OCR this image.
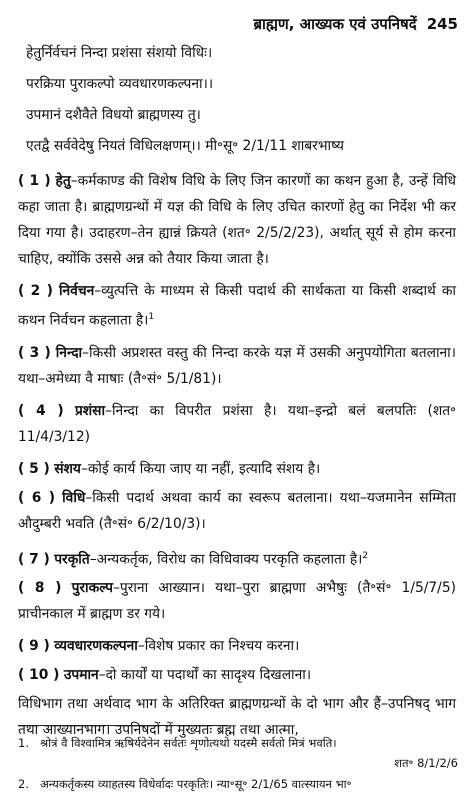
ब्राह्मण, आख्यक एवं उपनिषदें 245
हेतुर्निर्वचनं निन्दा प्रशंसा संशयो विधिः।
परक्रिया पुराकल्पो व्यवधारणकल्पना।।
उपमानं दशैवैते विधयो ब्राह्मणस्य तु।
एतद्वै सर्ववेदेषु नियतं विधिलक्षणम्।। मी॰सू॰ 2/1/11 शाबरभाष्य

( 1 ) हेतु–कर्मकाण्ड की विशेष विधि के लिए जिन कारणों का कथन हुआ है, उन्हें विधि कहा जाता है। ब्राह्मणग्रन्थों में यज्ञ की विधि के लिए उचित कारणों हेतु का निर्देश भी कर दिया गया है। उदाहरण–तेन ह्यान्नं क्रियते (शत॰ 2/5/2/23), अर्थात् सूर्य से होम करना चाहिए, क्योंकि उससे अन्न को तैयार किया जाता है।

( 2 ) निर्वचन–व्युत्पत्ति के माध्यम से किसी पदार्थ की सार्थकता या किसी शब्दार्थ का कथन निर्वचन कहलाता है।$^1$

( 3 ) निन्दा–किसी अप्रशस्त वस्तु की निन्दा करके यज्ञ में उसकी अनुपयोगिता बतलाना। यथा–अमेध्या वै माषाः (तै॰सं॰ 5/1/81)।

( 4 ) प्रशंसा–निन्दा का विपरीत प्रशंसा है। यथा–इन्द्रो बलं बलपतिः (शत॰ 11/4/3/12)

( 5 ) संशय–कोई कार्य किया जाए या नहीं, इत्यादि संशय है।

( 6 ) विधि–किसी पदार्थ अथवा कार्य का स्वरूप बतलाना। यथा–यजमानेन सम्मिता औदुम्बरी भवति (तै॰सं॰ 6/2/10/3)।

( 7 ) परकृति–अन्यकर्तृक, विरोध का विधिवाक्य परकृति कहलाता है।$^2$

( 8 ) पुराकल्प–पुराना आख्यान। यथा–पुरा ब्राह्मणा अभैषुः (तै॰सं॰ 1/5/7/5) प्राचीनकाल में ब्राह्मण डर गये।

( 9 ) व्यवधारणकल्पना–विशेष प्रकार का निश्चय करना।

( 10 ) उपमान–दो कार्यों या पदार्थों का सादृश्य दिखलाना।

विधिभाग तथा अर्थवाद भाग के अतिरिक्त ब्राह्मणग्रन्थों के दो भाग और हैं–उपनिषद् भाग तथा आख्यानभाग। उपनिषदों में मुख्यतः ब्रह्म तथा आत्मा,

1. श्रोत्रं वै विश्वामित्र ऋषिर्यदेनेन सर्वतः शृणोत्यथो यदस्मै सर्वतो मित्रं भवति।
शत॰ 8/1/2/6
2. अन्यकर्तृकस्य व्याहतस्य विधेर्वादः परकृतिः। न्या॰सू॰ 2/1/65 वात्स्यायन भा॰
